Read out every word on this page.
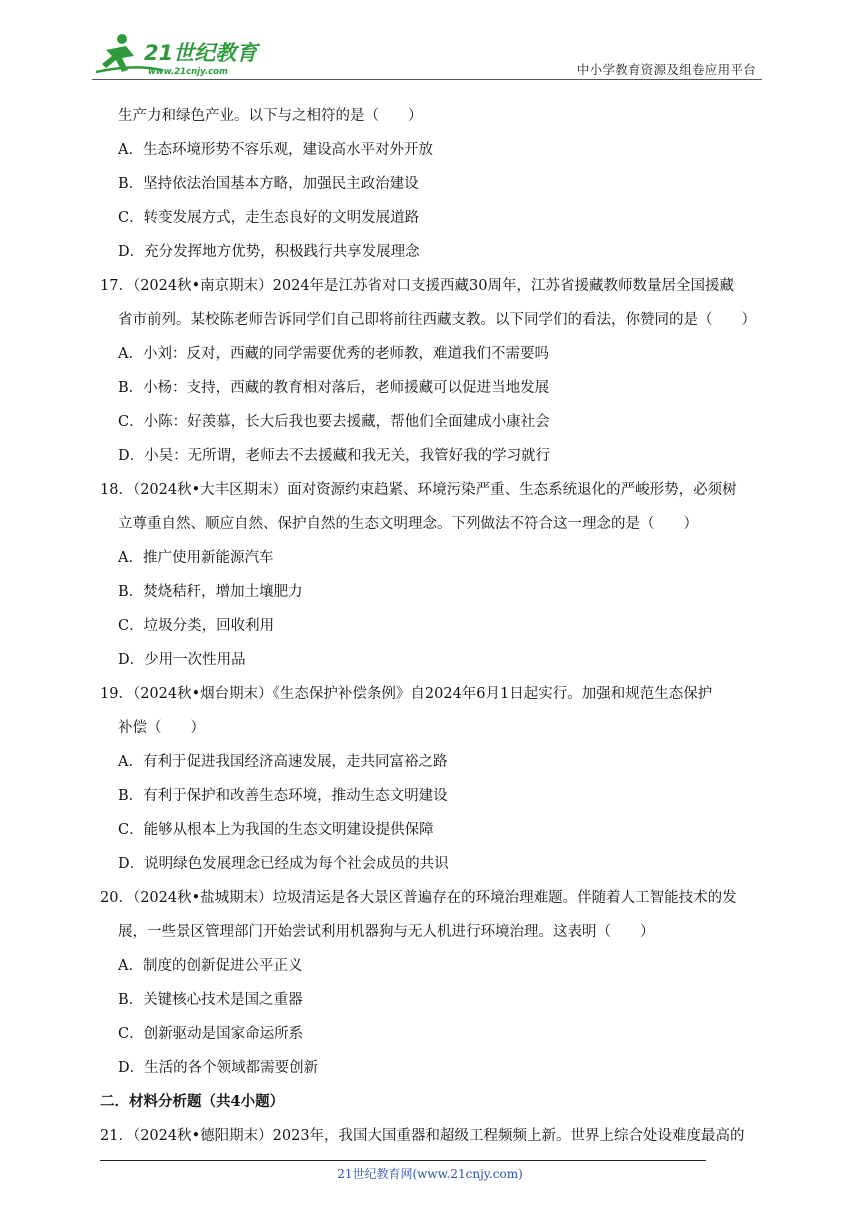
21世纪教育
www.21cnjy.com	中小学教育资源及组卷应用平台
生产力和绿色产业。以下与之相符的是（　　）
A．生态环境形势不容乐观，建设高水平对外开放
B．坚持依法治国基本方略，加强民主政治建设
C．转变发展方式，走生态良好的文明发展道路
D．充分发挥地方优势，积极践行共享发展理念
17．（2024秋•南京期末）2024年是江苏省对口支援西藏30周年，江苏省援藏教师数量居全国援藏
省市前列。某校陈老师告诉同学们自己即将前往西藏支教。以下同学们的看法，你赞同的是（　　）
A．小刘：反对，西藏的同学需要优秀的老师教，难道我们不需要吗
B．小杨：支持，西藏的教育相对落后，老师援藏可以促进当地发展
C．小陈：好羡慕，长大后我也要去援藏，帮他们全面建成小康社会
D．小吴：无所谓，老师去不去援藏和我无关，我管好我的学习就行
18．（2024秋•大丰区期末）面对资源约束趋紧、环境污染严重、生态系统退化的严峻形势，必须树
立尊重自然、顺应自然、保护自然的生态文明理念。下列做法不符合这一理念的是（　　）
A．推广使用新能源汽车
B．焚烧秸秆，增加土壤肥力
C．垃圾分类，回收利用
D．少用一次性用品
19．（2024秋•烟台期末）《生态保护补偿条例》自2024年6月1日起实行。加强和规范生态保护
补偿（　　）
A．有利于促进我国经济高速发展，走共同富裕之路
B．有利于保护和改善生态环境，推动生态文明建设
C．能够从根本上为我国的生态文明建设提供保障
D．说明绿色发展理念已经成为每个社会成员的共识
20．（2024秋•盐城期末）垃圾清运是各大景区普遍存在的环境治理难题。伴随着人工智能技术的发
展，一些景区管理部门开始尝试利用机器狗与无人机进行环境治理。这表明（　　）
A．制度的创新促进公平正义
B．关键核心技术是国之重器
C．创新驱动是国家命运所系
D．生活的各个领域都需要创新
二．材料分析题（共4小题）
21．（2024秋•德阳期末）2023年，我国大国重器和超级工程频频上新。世界上综合处设难度最高的
21世纪教育网(www.21cnjy.com)
